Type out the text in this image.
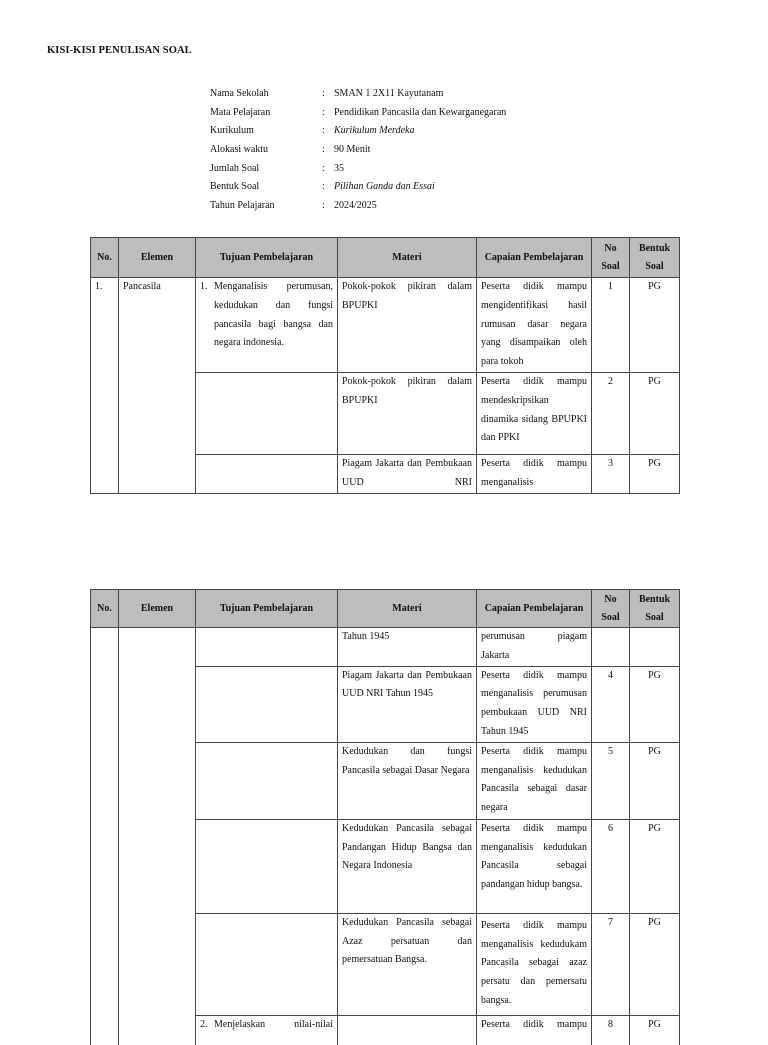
KISI-KISI PENULISAN SOAL
Nama Sekolah	: SMAN 1 2X11 Kayutanam
Mata Pelajaran	: Pendidikan Pancasila dan Kewarganegaran
Kurikulum	: Kurikulum Merdeka
Alokasi waktu	: 90 Menit
Jumlah Soal	: 35
Bentuk Soal	: Pilihan Ganda dan Essai
Tahun Pelajaran	: 2024/2025
No.	Elemen	Tujuan Pembelajaran	Materi	Capaian Pembelajaran	No Soal	Bentuk Soal
1.	Pancasila	1. Menganalisis perumusan, kedudukan dan fungsi pancasila bagi bangsa dan negara indonesia.	Pokok-pokok pikiran dalam BPUPKI	Peserta didik mampu mengidentifikasi hasil rumusan dasar negara yang disampaikan oleh para tokoh	1	PG
			Pokok-pokok pikiran dalam BPUPKI	Peserta didik mampu mendeskripsikan dinamika sidang BPUPKI dan PPKI	2	PG
			Piagam Jakarta dan Pembukaan UUD NRI	Peserta didik mampu menganalisis	3	PG
No.	Elemen	Tujuan Pembelajaran	Materi	Capaian Pembelajaran	No Soal	Bentuk Soal
			Tahun 1945	perumusan piagam Jakarta		
			Piagam Jakarta dan Pembukaan UUD NRI Tahun 1945	Peserta didik mampu menganalisis perumusan pembukaan UUD NRI Tahun 1945	4	PG
			Kedudukan dan fungsi Pancasila sebagai Dasar Negara	Peserta didik mampu menganalisis kedudukan Pancasila sebagai dasar negara	5	PG
			Kedudukan Pancasila sebagai Pandangan Hidup Bangsa dan Negara Indonesia	Peserta didik mampu menganalisis kedudukan Pancasila sebagai pandangan hidup bangsa.	6	PG
			Kedudukan Pancasila sebagai Azaz persatuan dan pemersatuan Bangsa.	Peserta didik mampu menganalisis kedudukam Pancasila sebagai azaz persatu dan pemersatu bangsa.	7	PG

		2. Menjelaskan nilai-nilai		Peserta didik mampu	8	PG
